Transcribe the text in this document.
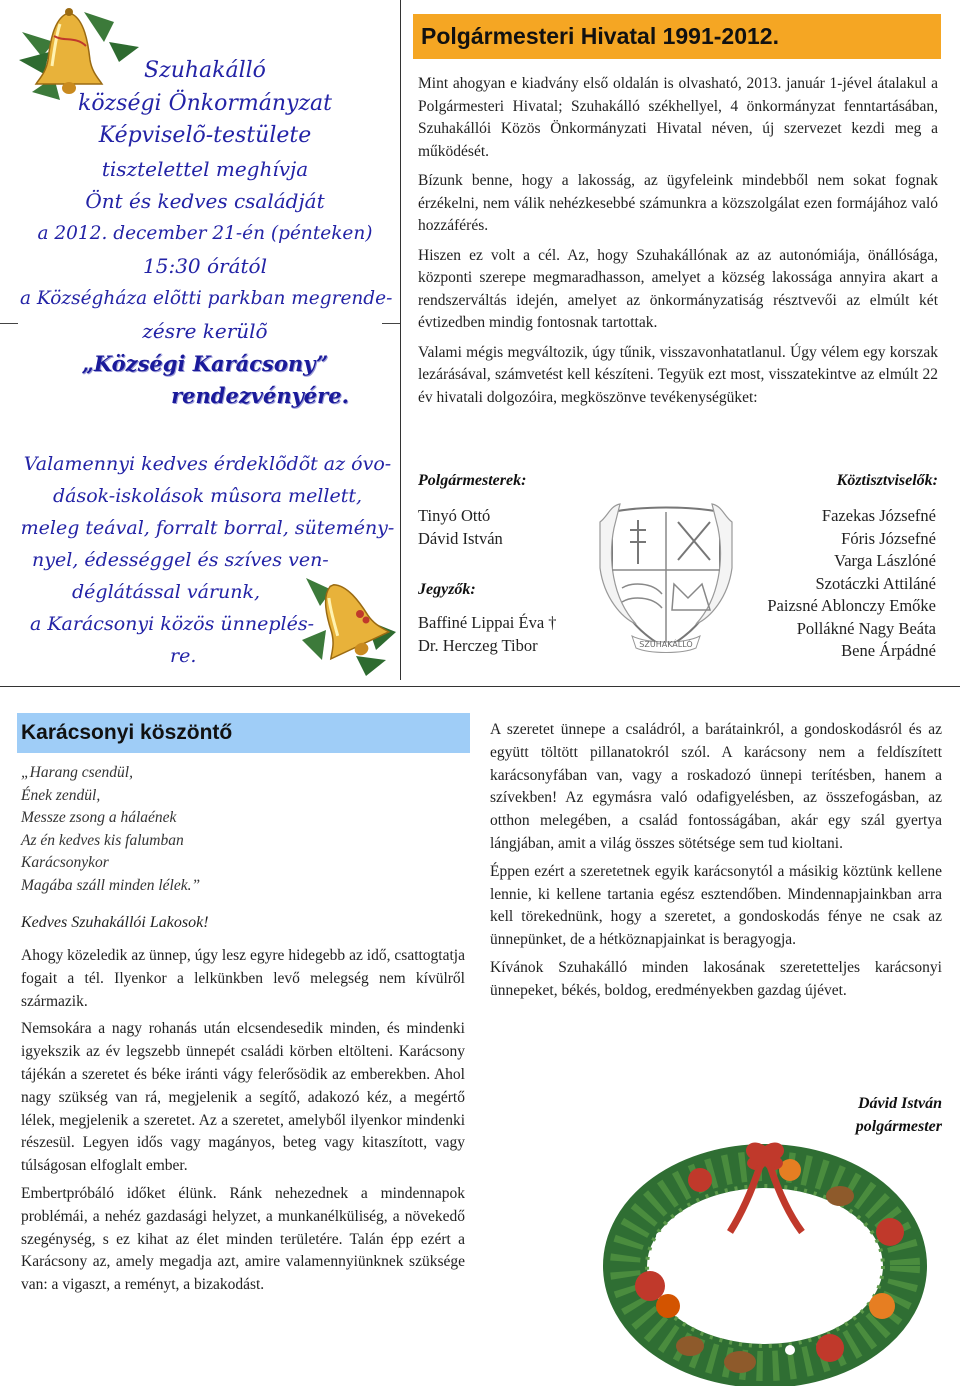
Szuhakálló
községi Önkormányzat
Képviselõ-testülete
tisztelettel meghívja
Önt és kedves családját
a 2012. december 21-én (pénteken)
15:30 órától
a Községháza elõtti parkban megrende-
zésre kerülõ
„Községi Karácsony”
rendezvényére.
Valamennyi kedves érdeklõdõt az óvo-
dások-iskolások mûsora mellett,
meleg teával, forralt borral, sütemény-
nyel, édességgel és szíves ven-
déglátással várunk,
a Karácsonyi közös ünneplés-
re.
Polgármesteri Hivatal 1991-2012.

Mint ahogyan e kiadvány első oldalán is olvasható, 2013. január 1-jével átalakul a Polgármesteri Hivatal; Szuhakálló székhellyel, 4 önkormányzat fenntartásában, Szuhakállói Közös Önkormányzati Hivatal néven, új szervezet kezdi meg a működését.

Bízunk benne, hogy a lakosság, az ügyfeleink mindebből nem sokat fognak érzékelni, nem válik nehézkesebbé számunkra a közszolgálat ezen formájához való hozzáférés.

Hiszen ez volt a cél. Az, hogy Szuhakállónak az az autonómiája, önállósága, központi szerepe megmaradhasson, amelyet a község lakossága annyira akart a rendszerváltás idején, amelyet az önkormányzatiság résztvevői az elmúlt két évtizedben mindig fontosnak tartottak.

Valami mégis megváltozik, úgy tűnik, visszavonhatatlanul. Úgy vélem egy korszak lezárásával, számvetést kell készíteni. Tegyük ezt most, visszatekintve az elmúlt 22 év hivatali dolgozóira, megköszönve tevékenységüket:

Polgármesterek:
Tinyó Ottó
Dávid István
Jegyzők:
Baffiné Lippai Éva †
Dr. Herczeg Tibor	SZUHAKÁLLÓ
Köztisztviselők:
Fazekas Józsefné
Fóris Józsefné
Varga Lászlóné
Szotáczki Attiláné
Paizsné Ablonczy Emőke
Pollákné Nagy Beáta
Bene Árpádné
Karácsonyi köszöntő
„Harang csendül,
Ének zendül,
Messze zsong a hálaének
Az én kedves kis falumban
Karácsonykor
Magába száll minden lélek.”
Kedves Szuhakállói Lakosok!

Ahogy közeledik az ünnep, úgy lesz egyre hidegebb az idő, csattogtatja fogait a tél. Ilyenkor a lelkünkben levő melegség nem kívülről származik.

Nemsokára a nagy rohanás után elcsendesedik minden, és mindenki igyekszik az év legszebb ünnepét családi körben eltölteni. Karácsony tájékán a szeretet és béke iránti vágy felerősödik az emberekben. Ahol nagy szükség van rá, megjelenik a segítő, adakozó kéz, a megértő lélek, megjelenik a szeretet. Az a szeretet, amelyből ilyenkor mindenki részesül. Legyen idős vagy magányos, beteg vagy kitaszított, vagy túlságosan elfoglalt ember.

Embertpróbáló időket élünk. Ránk nehezednek a mindennapok problémái, a nehéz gazdasági helyzet, a munkanélküliség, a növekedő szegénység, s ez kihat az élet minden területére. Talán épp ezért a Karácsony az, amely megadja azt, amire valamennyiünknek szüksége van: a vigaszt, a reményt, a bizakodást.

A szeretet ünnepe a családról, a barátainkról, a gondoskodásról és az együtt töltött pillanatokról szól. A karácsony nem a feldíszített karácsonyfában van, vagy a roskadozó ünnepi terítésben, hanem a szívekben! Az egymásra való odafigyelésben, az összefogásban, az otthon melegében, a család fontosságában, akár egy szál gyertya lángjában, amit a világ összes sötétsége sem tud kioltani.

Éppen ezért a szeretetnek egyik karácsonytól a másikig köztünk kellene lennie, ki kellene tartania egész esztendőben. Mindennapjainkban arra kell törekednünk, hogy a szeretet, a gondoskodás fénye ne csak az ünnepünket, de a hétköznapjainkat is beragyogja.

Kívánok Szuhakálló minden lakosának szeretetteljes karácsonyi ünnepeket, békés, boldog, eredményekben gazdag újévet.

Dávid István
polgármester
